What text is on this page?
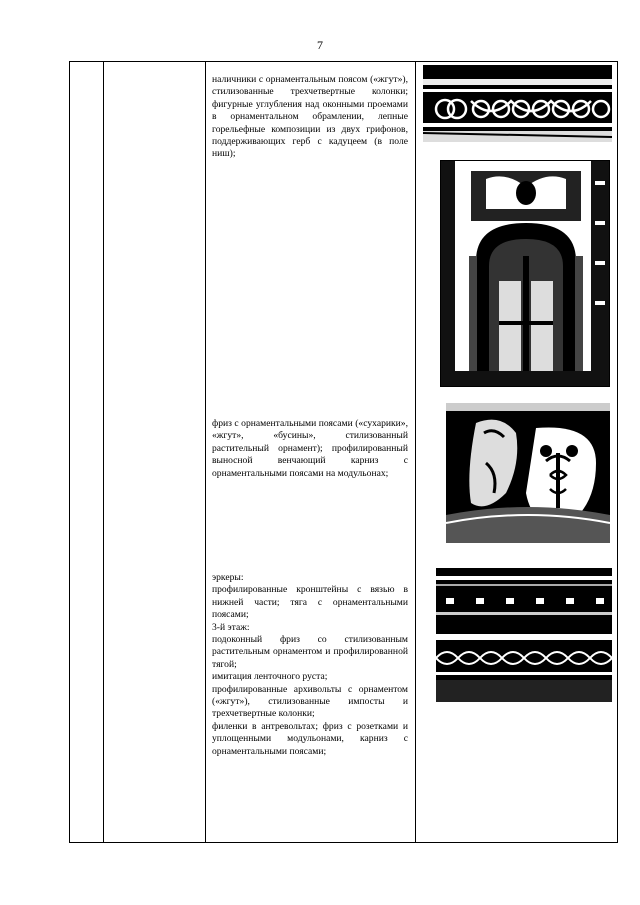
7

наличники с орнаментальным поясом («жгут»), стилизованные трехчетвертные колонки; фигурные углубления над оконными проемами в орнаментальном обрамлении, лепные горельефные композиции из двух грифонов, поддерживающих герб с кадуцеем (в поле ниш);

фриз с орнаментальными поясами («сухарики», «жгут», «бусины», стилизованный растительный орнамент); профилированный выносной венчающий карниз с орнаментальными поясами на модульонах;

эркеры:

профилированные кронштейны с вязью в нижней части; тяга с орнаментальными поясами;

3-й этаж:

подоконный фриз со стилизованным растительным орнаментом и профилированной тягой;

имитация ленточного руста;

профилированные архивольты с орнаментом («жгут»), стилизованные импосты и трехчетвертные колонки;

филенки в антревольтах; фриз с розетками и уплощенными модульонами, карниз с орнаментальными поясами;
